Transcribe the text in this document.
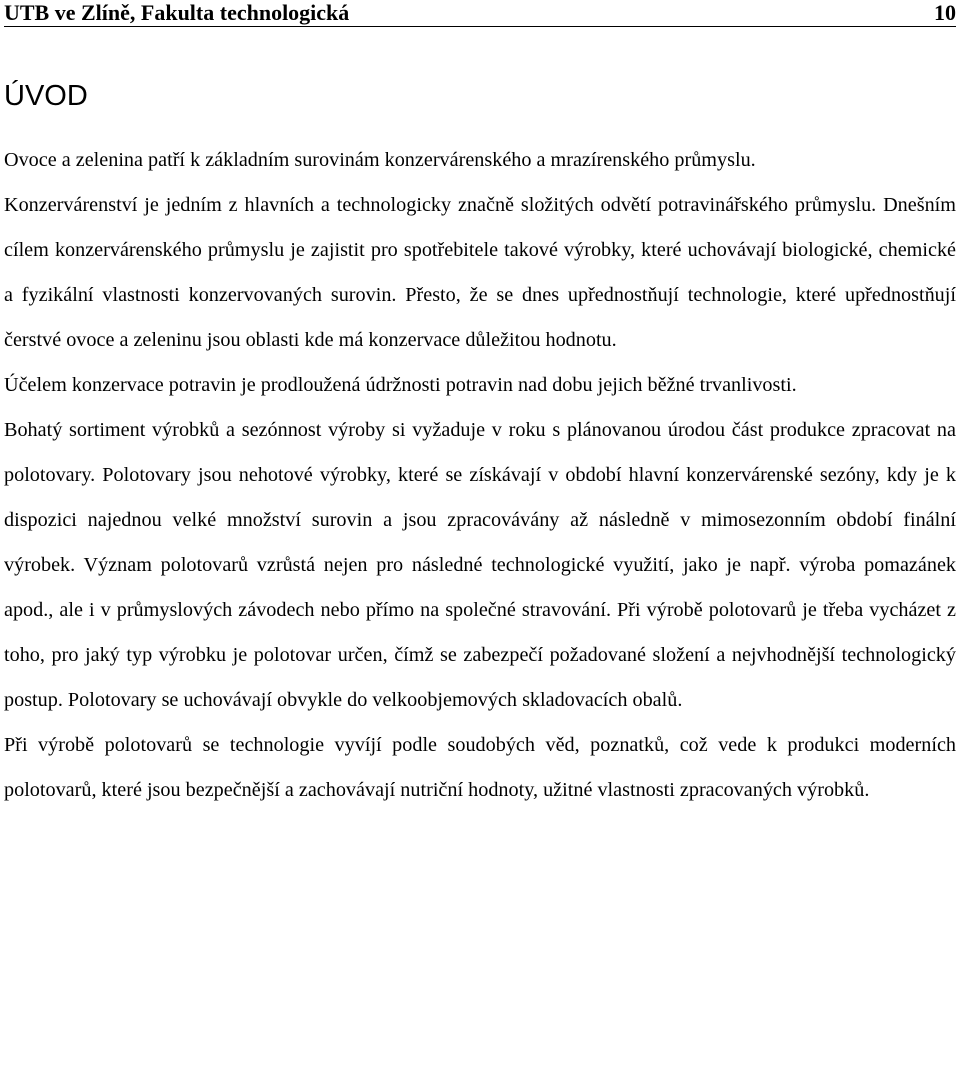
UTB ve Zlíně, Fakulta technologická	10
ÚVOD

Ovoce a zelenina patří k základním surovinám konzervárenského a mrazírenského průmyslu.

Konzervárenství je jedním z hlavních a technologicky značně složitých odvětí potravinářského průmyslu. Dnešním cílem konzervárenského průmyslu je zajistit pro spotřebitele takové výrobky, které uchovávají biologické, chemické a fyzikální vlastnosti konzervovaných surovin. Přesto, že se dnes upřednostňují technologie, které upřednostňují čerstvé ovoce a zeleninu jsou oblasti kde má konzervace důležitou hodnotu.

Účelem konzervace potravin je prodloužená údržnosti potravin nad dobu jejich běžné trvanlivosti.

Bohatý sortiment výrobků a sezónnost výroby si vyžaduje v roku s plánovanou úrodou část produkce zpracovat na polotovary. Polotovary jsou nehotové výrobky, které se získávají v období hlavní konzervárenské sezóny, kdy je k dispozici najednou velké množství surovin a jsou zpracovávány až následně v mimosezonním období finální výrobek. Význam polotovarů vzrůstá nejen pro následné technologické využití, jako je např. výroba pomazánek apod., ale i v průmyslových závodech nebo přímo na společné stravování. Při výrobě polotovarů je třeba vycházet z toho, pro jaký typ výrobku je polotovar určen, čímž se zabezpečí požadované složení a nejvhodnější technologický postup. Polotovary se uchovávají obvykle do velkoobjemových skladovacích obalů.

Při výrobě polotovarů se technologie vyvíjí podle soudobých věd, poznatků, což vede k produkci moderních polotovarů, které jsou bezpečnější a zachovávají nutriční hodnoty, užitné vlastnosti zpracovaných výrobků.
